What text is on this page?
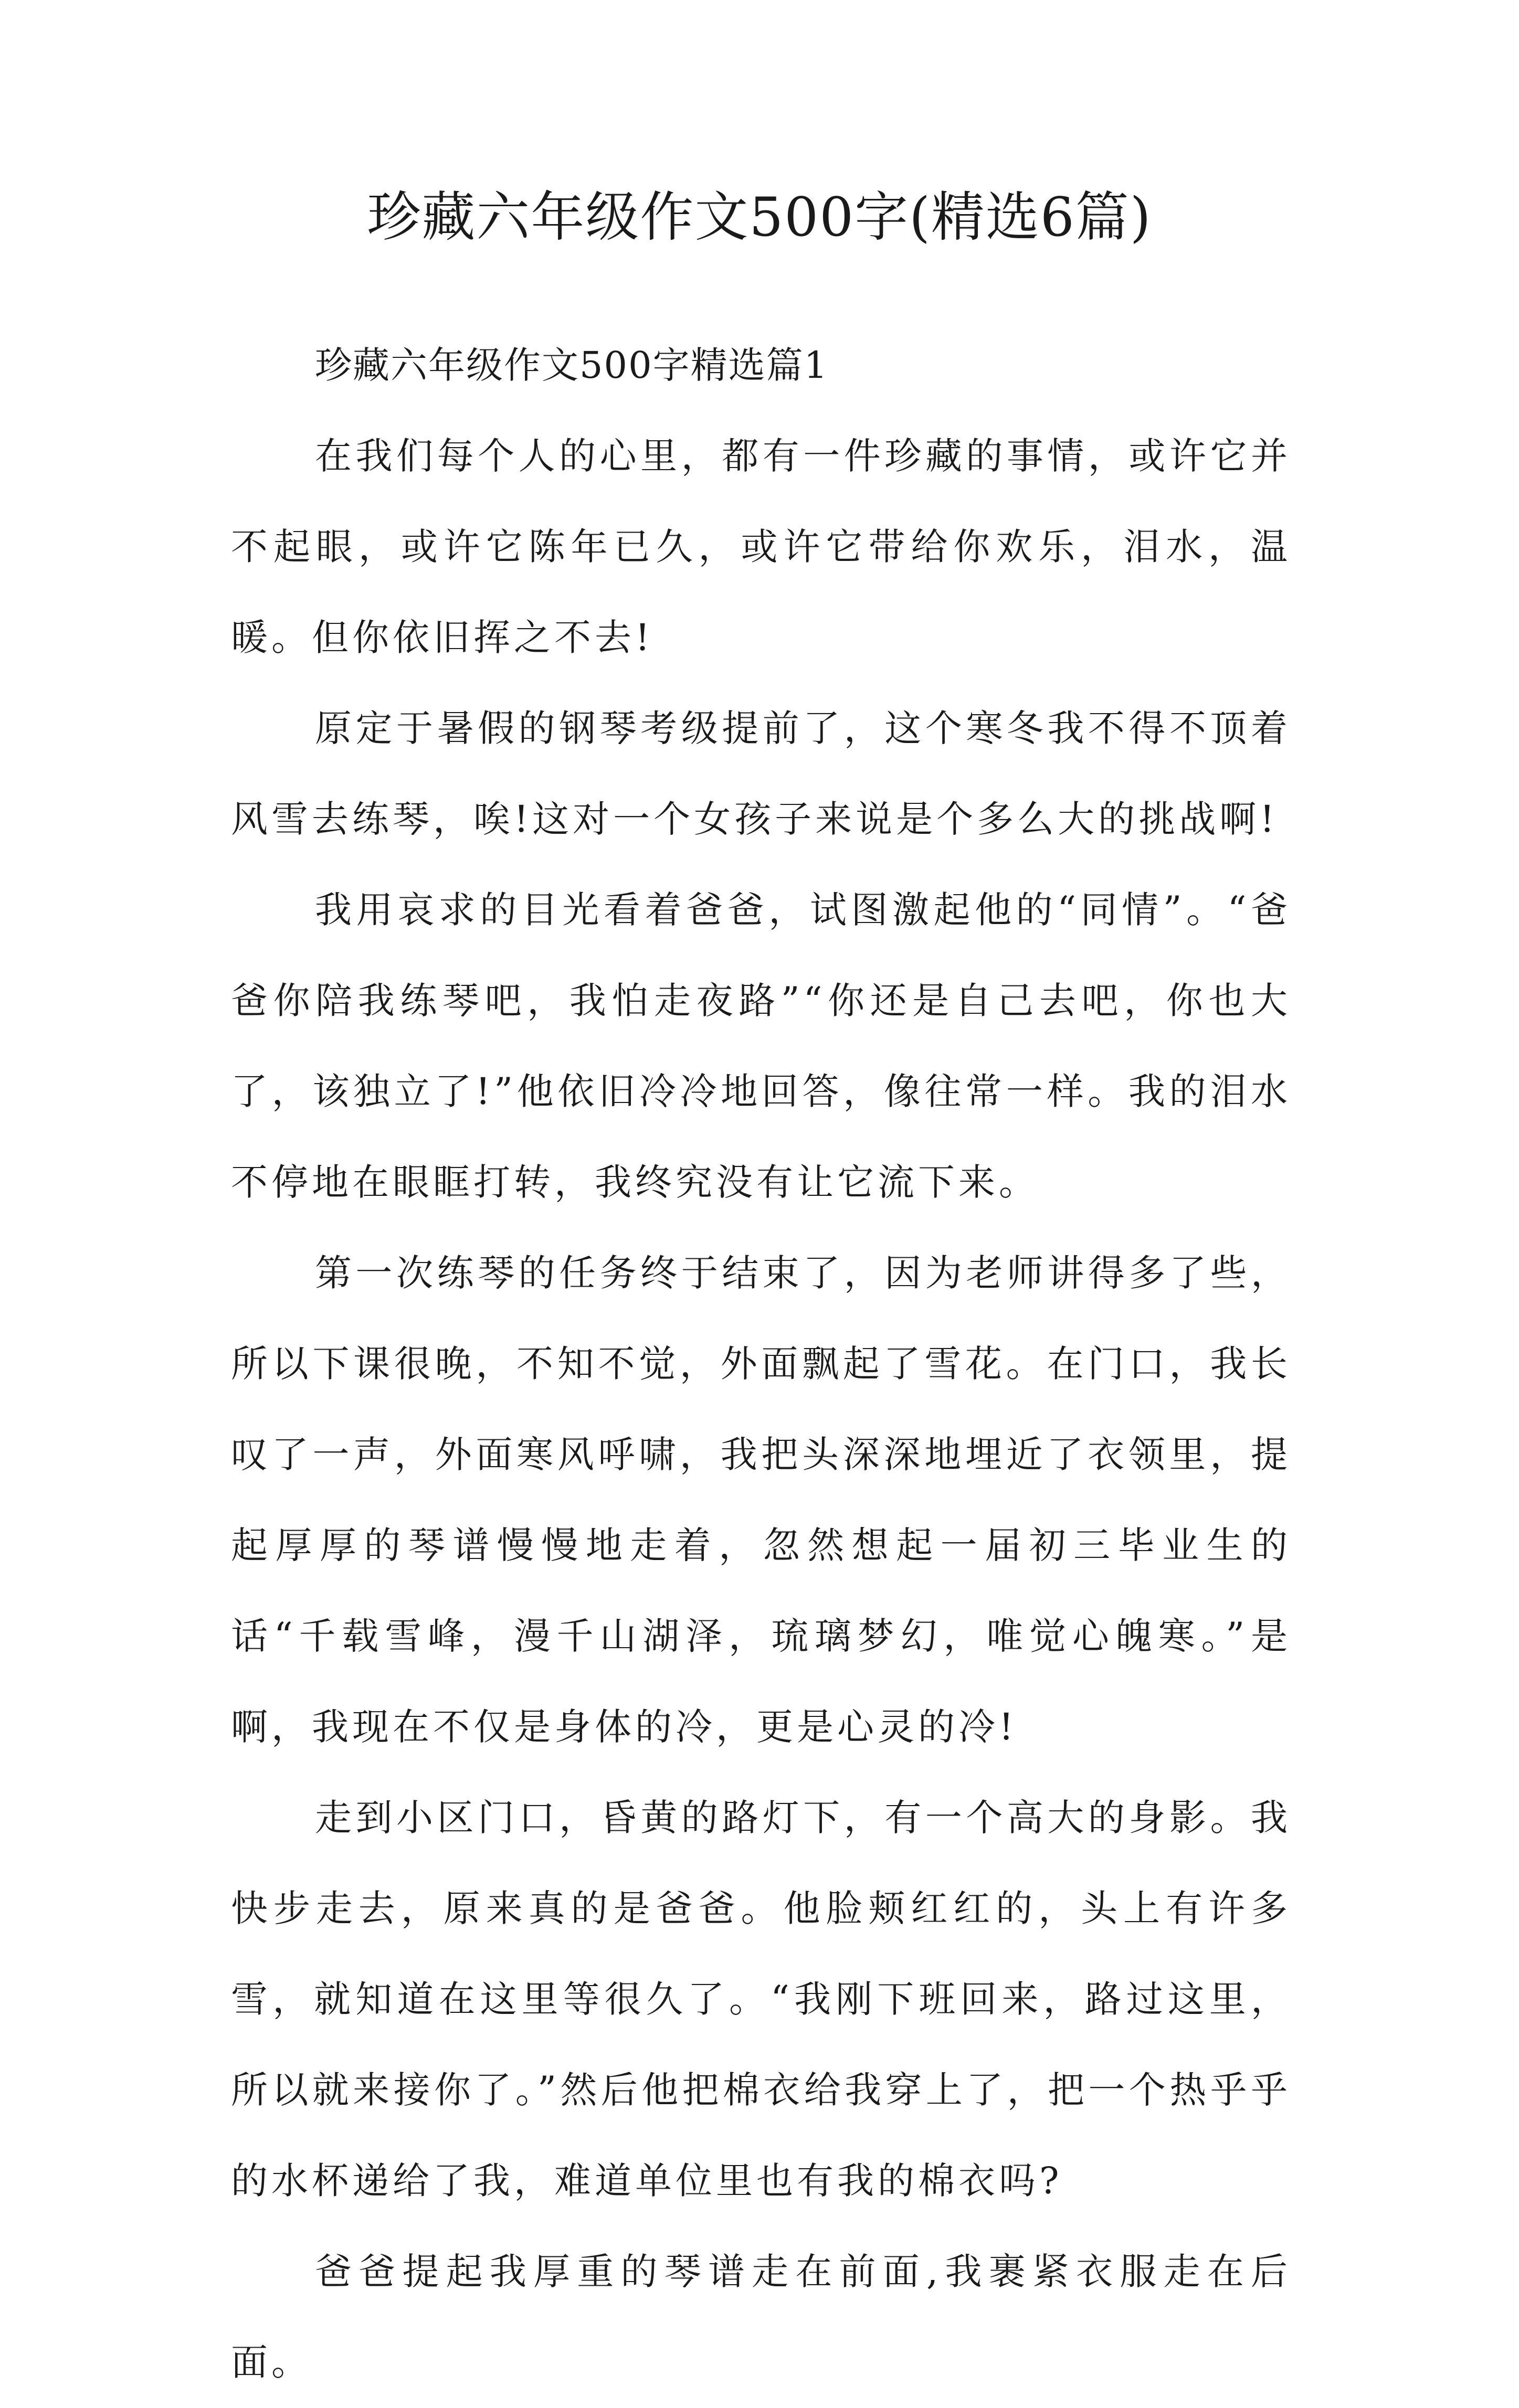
珍藏六年级作文500字(精选6篇)
珍藏六年级作文500字精选篇1

在我们每个人的心里，都有一件珍藏的事情，或许它并不起眼，或许它陈年已久，或许它带给你欢乐，泪水，温暖。但你依旧挥之不去!

原定于暑假的钢琴考级提前了，这个寒冬我不得不顶着风雪去练琴，唉!这对一个女孩子来说是个多么大的挑战啊!

我用哀求的目光看着爸爸，试图激起他的“同情”。“爸爸你陪我练琴吧，我怕走夜路”“你还是自己去吧，你也大了，该独立了!”他依旧冷冷地回答，像往常一样。我的泪水不停地在眼眶打转，我终究没有让它流下来。

第一次练琴的任务终于结束了，因为老师讲得多了些，所以下课很晚，不知不觉，外面飘起了雪花。在门口，我长叹了一声，外面寒风呼啸，我把头深深地埋近了衣领里，提起厚厚的琴谱慢慢地走着，忽然想起一届初三毕业生的话“千载雪峰，漫千山湖泽，琉璃梦幻，唯觉心魄寒。”是啊，我现在不仅是身体的冷，更是心灵的冷!

走到小区门口，昏黄的路灯下，有一个高大的身影。我快步走去，原来真的是爸爸。他脸颊红红的，头上有许多雪，就知道在这里等很久了。“我刚下班回来，路过这里，所以就来接你了。”然后他把棉衣给我穿上了，把一个热乎乎的水杯递给了我，难道单位里也有我的棉衣吗?

爸爸提起我厚重的琴谱走在前面,我裹紧衣服走在后面。
